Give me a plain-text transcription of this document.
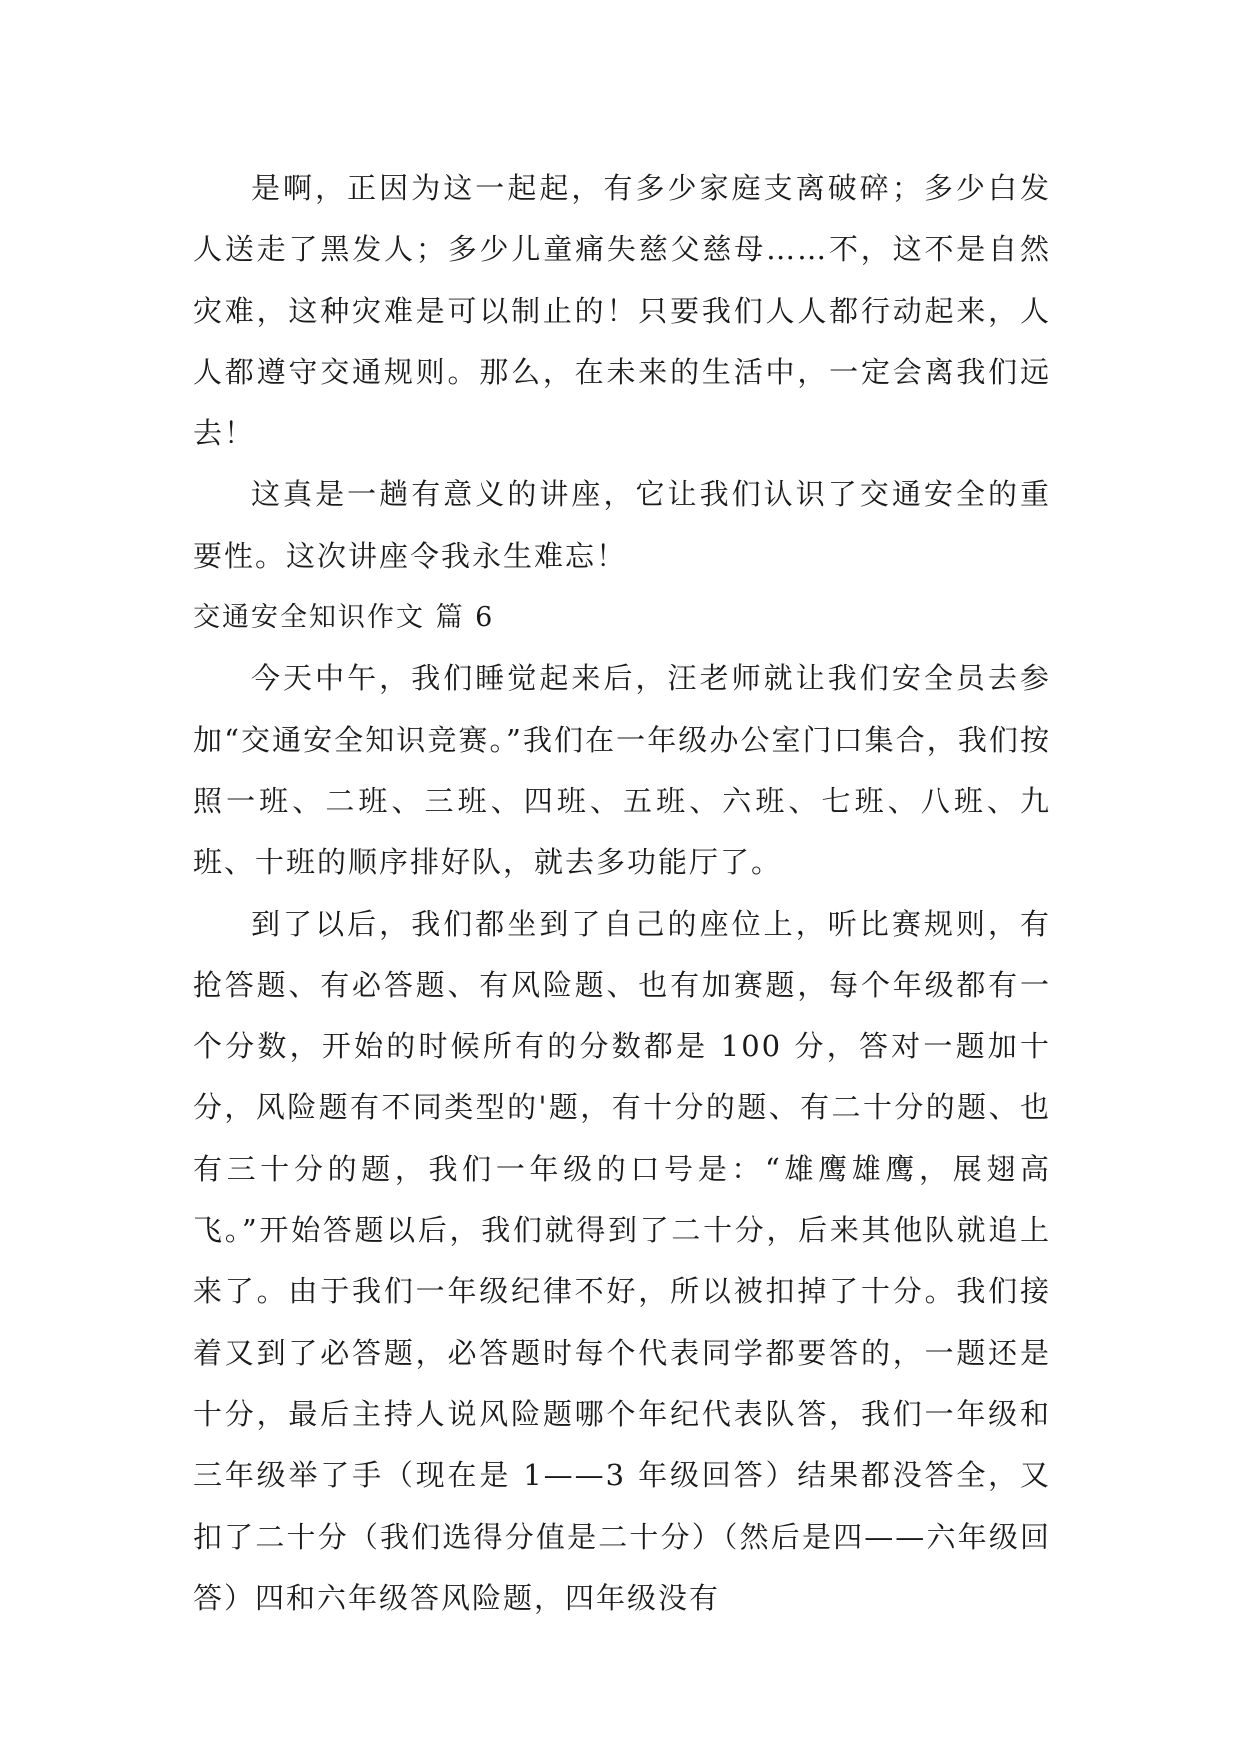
是啊，正因为这一起起，有多少家庭支离破碎；多少白发人送走了黑发人；多少儿童痛失慈父慈母……不，这不是自然灾难，这种灾难是可以制止的！只要我们人人都行动起来，人人都遵守交通规则。那么，在未来的生活中，一定会离我们远去！

这真是一趟有意义的讲座，它让我们认识了交通安全的重要性。这次讲座令我永生难忘！

交通安全知识作文 篇 6

今天中午，我们睡觉起来后，汪老师就让我们安全员去参加“交通安全知识竞赛。”我们在一年级办公室门口集合，我们按照一班、二班、三班、四班、五班、六班、七班、八班、九班、十班的顺序排好队，就去多功能厅了。

到了以后，我们都坐到了自己的座位上，听比赛规则，有抢答题、有必答题、有风险题、也有加赛题，每个年级都有一个分数，开始的时候所有的分数都是 100 分，答对一题加十分，风险题有不同类型的'题，有十分的题、有二十分的题、也有三十分的题，我们一年级的口号是：“雄鹰雄鹰，展翅高飞。”开始答题以后，我们就得到了二十分，后来其他队就追上来了。由于我们一年级纪律不好，所以被扣掉了十分。我们接着又到了必答题，必答题时每个代表同学都要答的，一题还是十分，最后主持人说风险题哪个年纪代表队答，我们一年级和三年级举了手（现在是 1——3 年级回答）结果都没答全，又扣了二十分（我们选得分值是二十分）（然后是四——六年级回答）四和六年级答风险题，四年级没有
